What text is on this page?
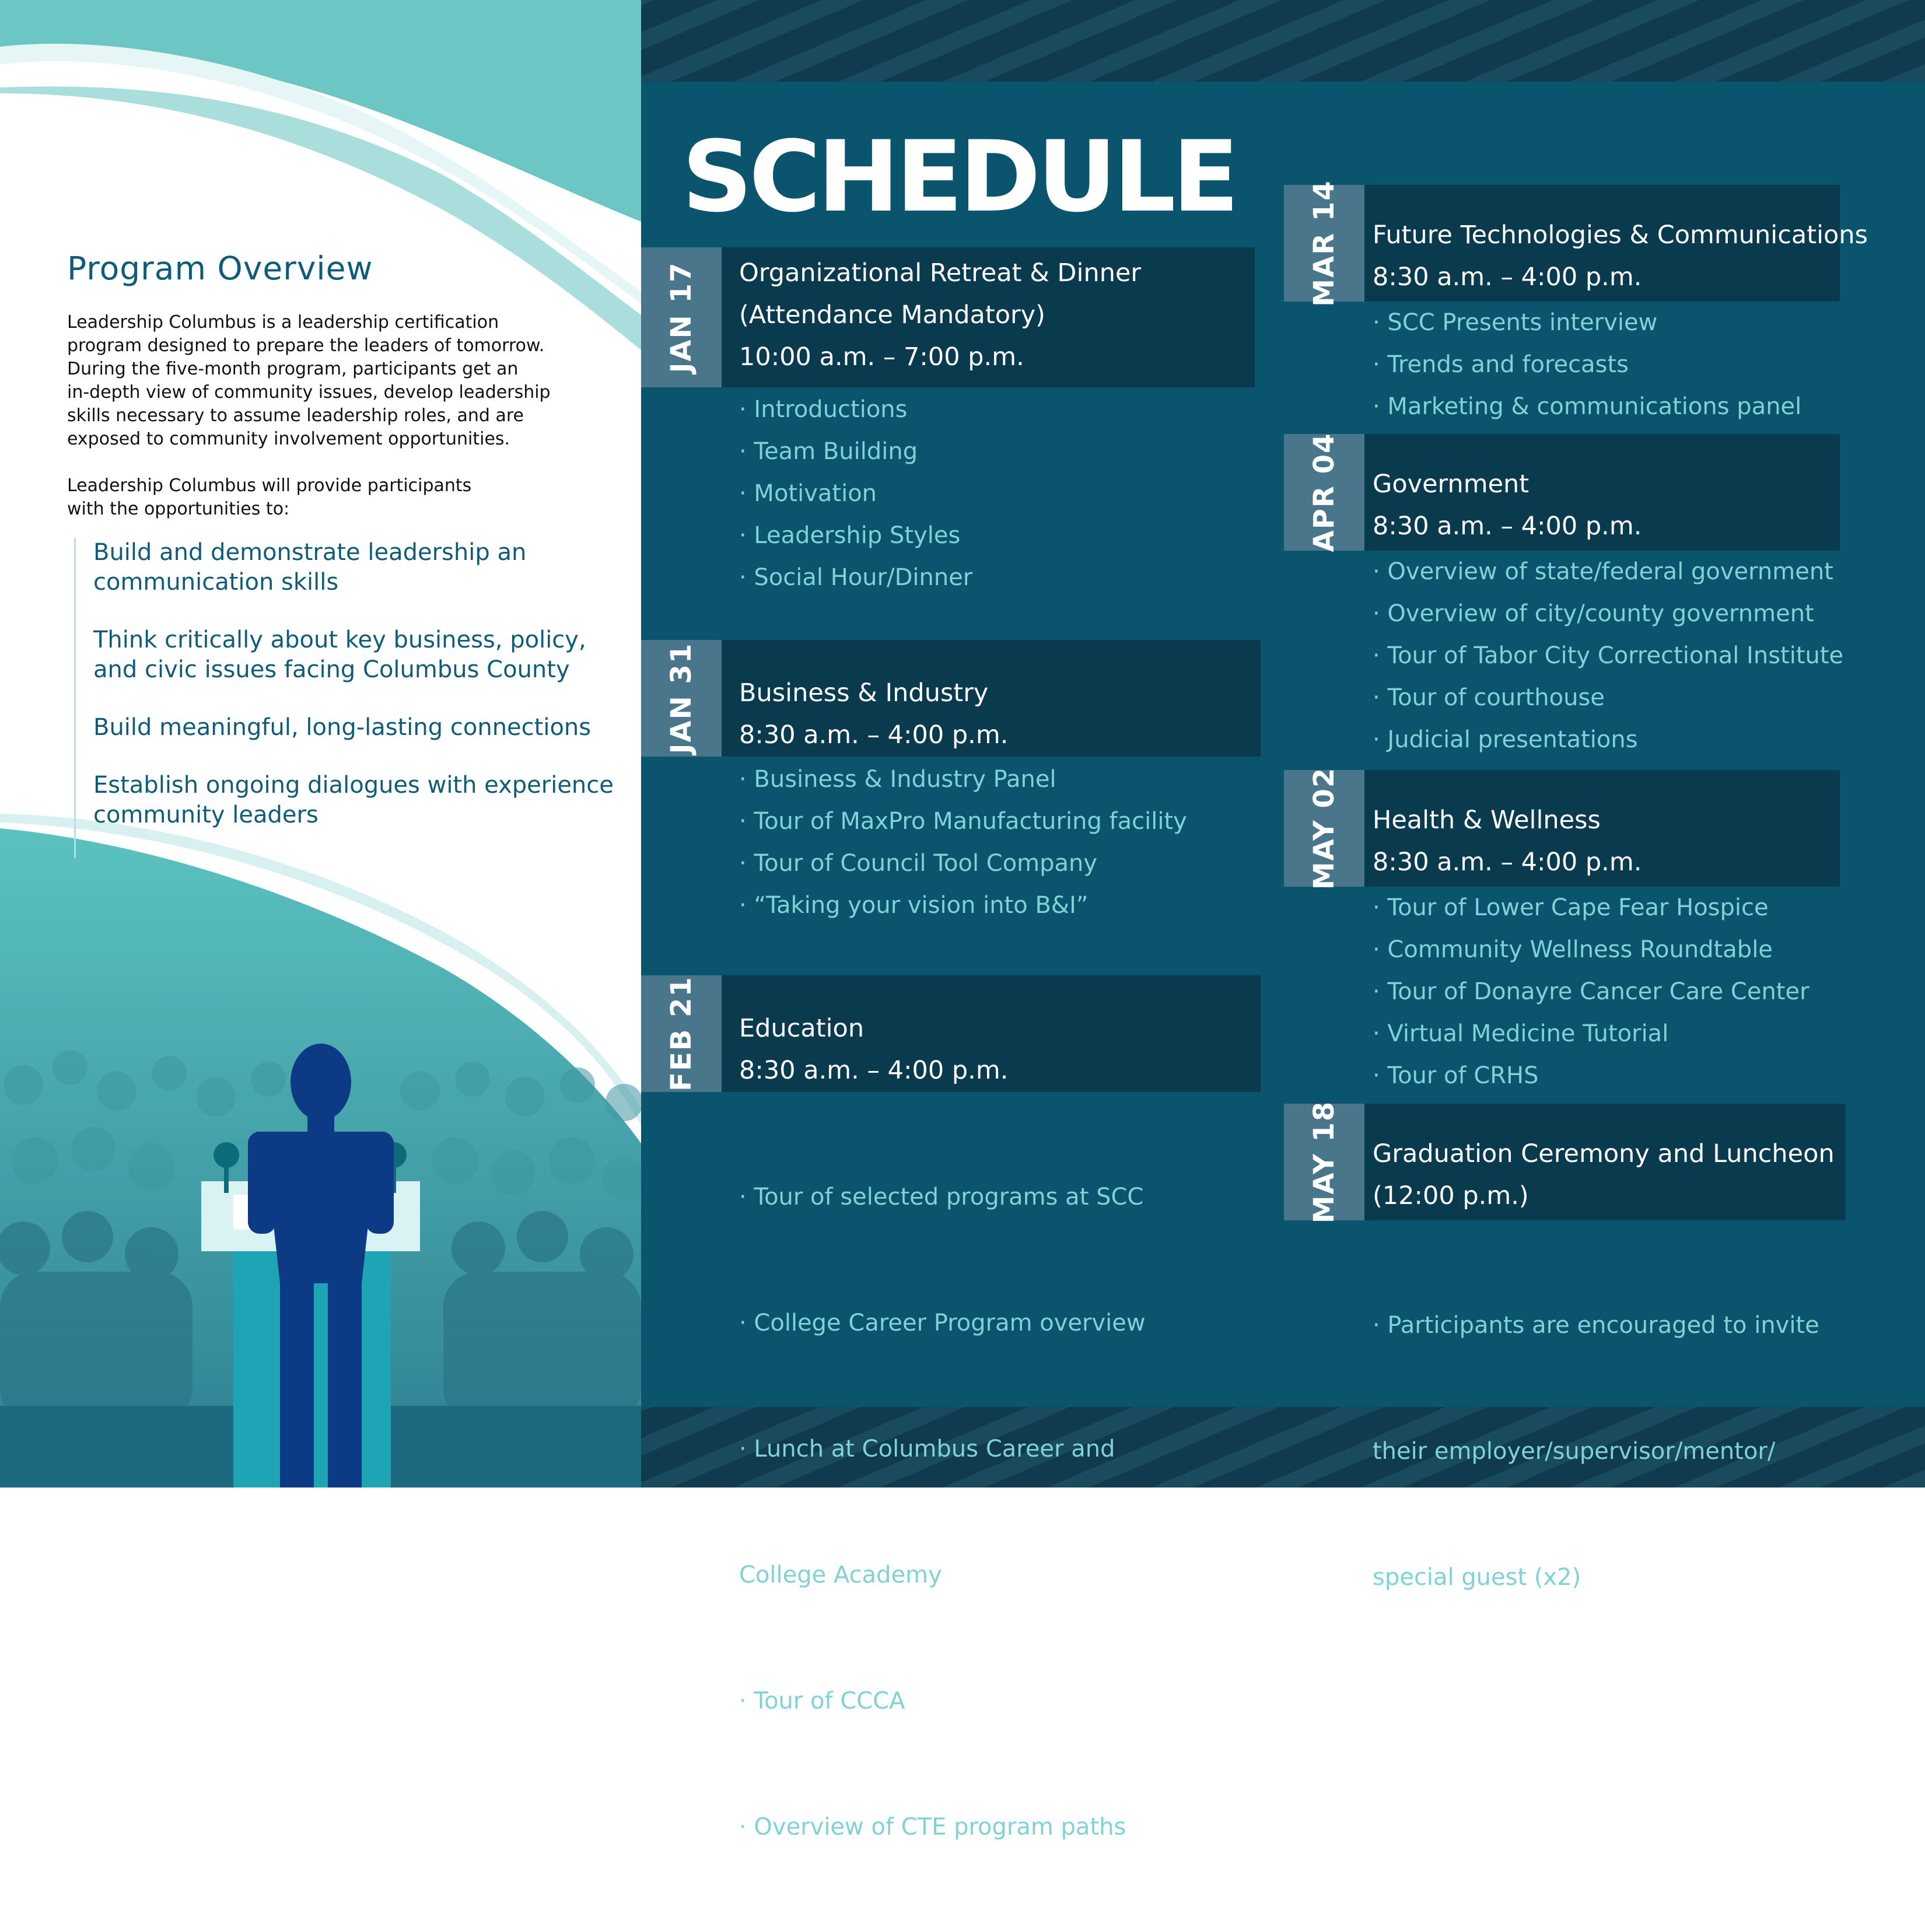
Program Overview
Leadership Columbus is a leadership certification
program designed to prepare the leaders of tomorrow.
During the five-month program, participants get an
in-depth view of community issues, develop leadership
skills necessary to assume leadership roles, and are
exposed to community involvement opportunities.
Leadership Columbus will provide participants
with the opportunities to:
Build and demonstrate leadership an
communication skills
Think critically about key business, policy,
and civic issues facing Columbus County
Build meaningful, long-lasting connections
Establish ongoing dialogues with experience
community leaders
SCHEDULE
JAN 17 Organizational Retreat & Dinner
(Attendance Mandatory)
10:00 a.m. – 7:00 p.m.
· Introductions
· Team Building
· Motivation
· Leadership Styles
· Social Hour/Dinner
JAN 31 Business & Industry
8:30 a.m. – 4:00 p.m.
· Business & Industry Panel
· Tour of MaxPro Manufacturing facility
· Tour of Council Tool Company
· “Taking your vision into B&I”
FEB 21 Education
8:30 a.m. – 4:00 p.m.

· Tour of selected programs at SCC

· College Career Program overview

· Lunch at Columbus Career and

College Academy

· Tour of CCCA

· Overview of CTE program paths

MAR 14 Future Technologies & Communications
8:30 a.m. – 4:00 p.m.
· SCC Presents interview
· Trends and forecasts
· Marketing & communications panel
APR 04 Government
8:30 a.m. – 4:00 p.m.
· Overview of state/federal government
· Overview of city/county government
· Tour of Tabor City Correctional Institute
· Tour of courthouse
· Judicial presentations
MAY 02 Health & Wellness
8:30 a.m. – 4:00 p.m.
· Tour of Lower Cape Fear Hospice
· Community Wellness Roundtable
· Tour of Donayre Cancer Care Center
· Virtual Medicine Tutorial
· Tour of CRHS
MAY 18 Graduation Ceremony and Luncheon
(12:00 p.m.)

· Participants are encouraged to invite

their employer/supervisor/mentor/

special guest (x2)
